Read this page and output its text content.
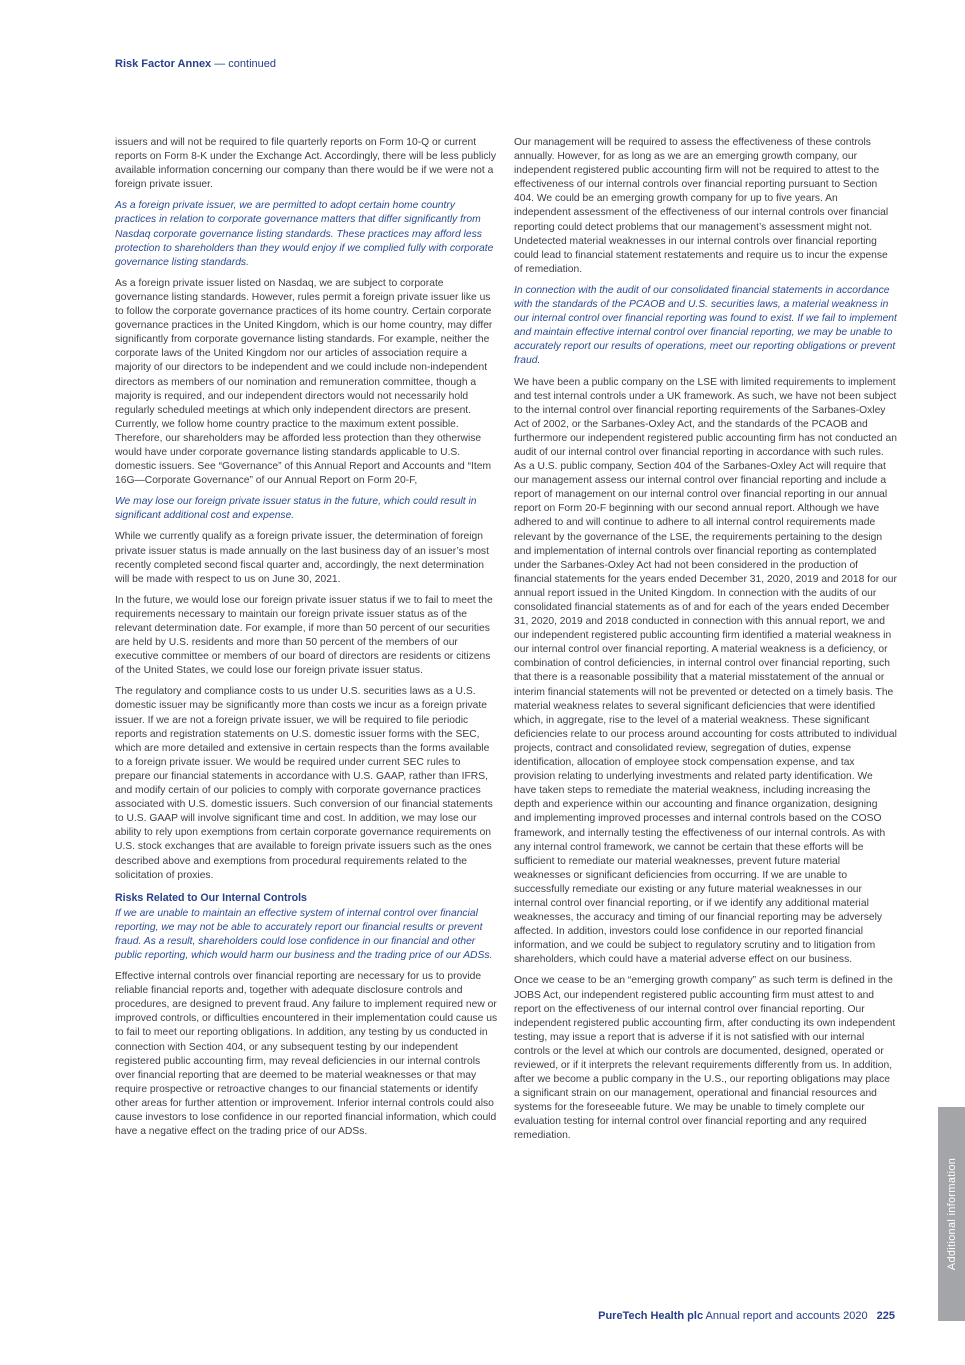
Risk Factor Annex — continued

issuers and will not be required to file quarterly reports on Form 10-Q or current reports on Form 8-K under the Exchange Act. Accordingly, there will be less publicly available information concerning our company than there would be if we were not a foreign private issuer.

As a foreign private issuer, we are permitted to adopt certain home country practices in relation to corporate governance matters that differ significantly from Nasdaq corporate governance listing standards. These practices may afford less protection to shareholders than they would enjoy if we complied fully with corporate governance listing standards.

As a foreign private issuer listed on Nasdaq, we are subject to corporate governance listing standards. However, rules permit a foreign private issuer like us to follow the corporate governance practices of its home country. Certain corporate governance practices in the United Kingdom, which is our home country, may differ significantly from corporate governance listing standards. For example, neither the corporate laws of the United Kingdom nor our articles of association require a majority of our directors to be independent and we could include non-independent directors as members of our nomination and remuneration committee, though a majority is required, and our independent directors would not necessarily hold regularly scheduled meetings at which only independent directors are present. Currently, we follow home country practice to the maximum extent possible. Therefore, our shareholders may be afforded less protection than they otherwise would have under corporate governance listing standards applicable to U.S. domestic issuers. See “Governance” of this Annual Report and Accounts and “Item 16G—Corporate Governance” of our Annual Report on Form 20-F,

We may lose our foreign private issuer status in the future, which could result in significant additional cost and expense.

While we currently qualify as a foreign private issuer, the determination of foreign private issuer status is made annually on the last business day of an issuer’s most recently completed second fiscal quarter and, accordingly, the next determination will be made with respect to us on June 30, 2021.

In the future, we would lose our foreign private issuer status if we to fail to meet the requirements necessary to maintain our foreign private issuer status as of the relevant determination date. For example, if more than 50 percent of our securities are held by U.S. residents and more than 50 percent of the members of our executive committee or members of our board of directors are residents or citizens of the United States, we could lose our foreign private issuer status.

The regulatory and compliance costs to us under U.S. securities laws as a U.S. domestic issuer may be significantly more than costs we incur as a foreign private issuer. If we are not a foreign private issuer, we will be required to file periodic reports and registration statements on U.S. domestic issuer forms with the SEC, which are more detailed and extensive in certain respects than the forms available to a foreign private issuer. We would be required under current SEC rules to prepare our financial statements in accordance with U.S. GAAP, rather than IFRS, and modify certain of our policies to comply with corporate governance practices associated with U.S. domestic issuers. Such conversion of our financial statements to U.S. GAAP will involve significant time and cost. In addition, we may lose our ability to rely upon exemptions from certain corporate governance requirements on U.S. stock exchanges that are available to foreign private issuers such as the ones described above and exemptions from procedural requirements related to the solicitation of proxies.

Risks Related to Our Internal Controls

If we are unable to maintain an effective system of internal control over financial reporting, we may not be able to accurately report our financial results or prevent fraud. As a result, shareholders could lose confidence in our financial and other public reporting, which would harm our business and the trading price of our ADSs.

Effective internal controls over financial reporting are necessary for us to provide reliable financial reports and, together with adequate disclosure controls and procedures, are designed to prevent fraud. Any failure to implement required new or improved controls, or difficulties encountered in their implementation could cause us to fail to meet our reporting obligations. In addition, any testing by us conducted in connection with Section 404, or any subsequent testing by our independent registered public accounting firm, may reveal deficiencies in our internal controls over financial reporting that are deemed to be material weaknesses or that may require prospective or retroactive changes to our financial statements or identify other areas for further attention or improvement. Inferior internal controls could also cause investors to lose confidence in our reported financial information, which could have a negative effect on the trading price of our ADSs.

Our management will be required to assess the effectiveness of these controls annually. However, for as long as we are an emerging growth company, our independent registered public accounting firm will not be required to attest to the effectiveness of our internal controls over financial reporting pursuant to Section 404. We could be an emerging growth company for up to five years. An independent assessment of the effectiveness of our internal controls over financial reporting could detect problems that our management’s assessment might not. Undetected material weaknesses in our internal controls over financial reporting could lead to financial statement restatements and require us to incur the expense of remediation.

In connection with the audit of our consolidated financial statements in accordance with the standards of the PCAOB and U.S. securities laws, a material weakness in our internal control over financial reporting was found to exist. If we fail to implement and maintain effective internal control over financial reporting, we may be unable to accurately report our results of operations, meet our reporting obligations or prevent fraud.

We have been a public company on the LSE with limited requirements to implement and test internal controls under a UK framework. As such, we have not been subject to the internal control over financial reporting requirements of the Sarbanes-Oxley Act of 2002, or the Sarbanes-Oxley Act, and the standards of the PCAOB and furthermore our independent registered public accounting firm has not conducted an audit of our internal control over financial reporting in accordance with such rules. As a U.S. public company, Section 404 of the Sarbanes-Oxley Act will require that our management assess our internal control over financial reporting and include a report of management on our internal control over financial reporting in our annual report on Form 20-F beginning with our second annual report. Although we have adhered to and will continue to adhere to all internal control requirements made relevant by the governance of the LSE, the requirements pertaining to the design and implementation of internal controls over financial reporting as contemplated under the Sarbanes-Oxley Act had not been considered in the production of financial statements for the years ended December 31, 2020, 2019 and 2018 for our annual report issued in the United Kingdom. In connection with the audits of our consolidated financial statements as of and for each of the years ended December 31, 2020, 2019 and 2018 conducted in connection with this annual report, we and our independent registered public accounting firm identified a material weakness in our internal control over financial reporting. A material weakness is a deficiency, or combination of control deficiencies, in internal control over financial reporting, such that there is a reasonable possibility that a material misstatement of the annual or interim financial statements will not be prevented or detected on a timely basis. The material weakness relates to several significant deficiencies that were identified which, in aggregate, rise to the level of a material weakness. These significant deficiencies relate to our process around accounting for costs attributed to individual projects, contract and consolidated review, segregation of duties, expense identification, allocation of employee stock compensation expense, and tax provision relating to underlying investments and related party identification. We have taken steps to remediate the material weakness, including increasing the depth and experience within our accounting and finance organization, designing and implementing improved processes and internal controls based on the COSO framework, and internally testing the effectiveness of our internal controls. As with any internal control framework, we cannot be certain that these efforts will be sufficient to remediate our material weaknesses, prevent future material weaknesses or significant deficiencies from occurring. If we are unable to successfully remediate our existing or any future material weaknesses in our internal control over financial reporting, or if we identify any additional material weaknesses, the accuracy and timing of our financial reporting may be adversely affected. In addition, investors could lose confidence in our reported financial information, and we could be subject to regulatory scrutiny and to litigation from shareholders, which could have a material adverse effect on our business.

Once we cease to be an “emerging growth company” as such term is defined in the JOBS Act, our independent registered public accounting firm must attest to and report on the effectiveness of our internal control over financial reporting. Our independent registered public accounting firm, after conducting its own independent testing, may issue a report that is adverse if it is not satisfied with our internal controls or the level at which our controls are documented, designed, operated or reviewed, or if it interprets the relevant requirements differently from us. In addition, after we become a public company in the U.S., our reporting obligations may place a significant strain on our management, operational and financial resources and systems for the foreseeable future. We may be unable to timely complete our evaluation testing for internal control over financial reporting and any required remediation.

Additional information
PureTech Health plc Annual report and accounts 2020 225
